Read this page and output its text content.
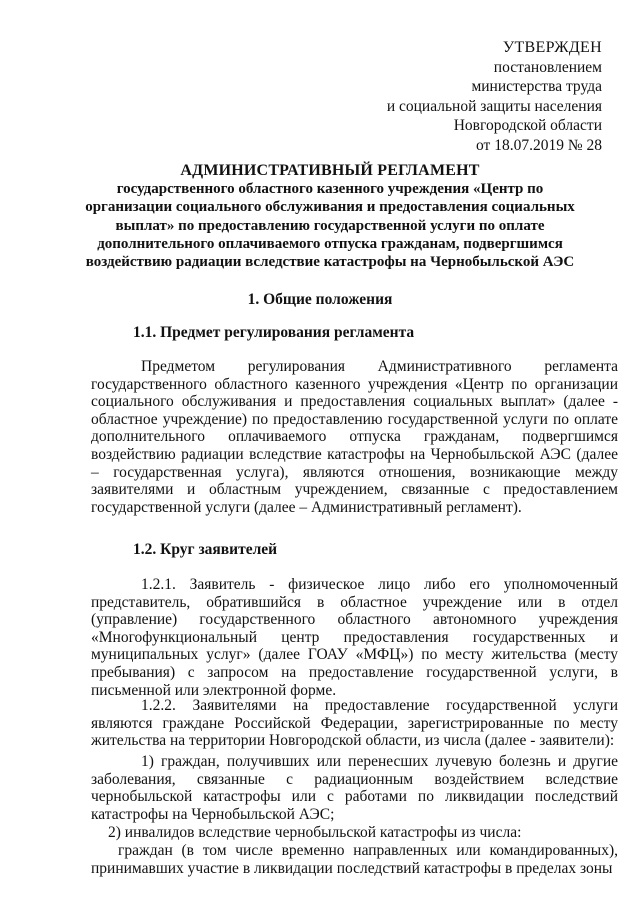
УТВЕРЖДЕН
постановлением
министерства труда
и социальной защиты населения
Новгородской области
от 18.07.2019 № 28
АДМИНИСТРАТИВНЫЙ РЕГЛАМЕНТ
государственного областного казенного учреждения «Центр по организации социального обслуживания и предоставления социальных выплат» по предоставлению государственной услуги по оплате дополнительного оплачиваемого отпуска гражданам, подвергшимся воздействию радиации вследствие катастрофы на Чернобыльской АЭС
1. Общие положения
1.1. Предмет регулирования регламента
Предметом регулирования Административного регламента государственного областного казенного учреждения «Центр по организации социального обслуживания и предоставления социальных выплат» (далее - областное учреждение) по предоставлению государственной услуги по оплате дополнительного оплачиваемого отпуска гражданам, подвергшимся воздействию радиации вследствие катастрофы на Чернобыльской АЭС (далее – государственная услуга), являются отношения, возникающие между заявителями и областным учреждением, связанные с предоставлением государственной услуги (далее – Административный регламент).
1.2. Круг заявителей
1.2.1. Заявитель - физическое лицо либо его уполномоченный представитель, обратившийся в областное учреждение или в отдел (управление) государственного областного автономного учреждения «Многофункциональный центр предоставления государственных и муниципальных услуг» (далее ГОАУ «МФЦ») по месту жительства (месту пребывания) с запросом на предоставление государственной услуги, в письменной или электронной форме.
1.2.2. Заявителями на предоставление государственной услуги являются граждане Российской Федерации, зарегистрированные по месту жительства на территории Новгородской области, из числа (далее - заявители):
1) граждан, получивших или перенесших лучевую болезнь и другие заболевания, связанные с радиационным воздействием вследствие чернобыльской катастрофы или с работами по ликвидации последствий катастрофы на Чернобыльской АЭС;
2) инвалидов вследствие чернобыльской катастрофы из числа:
граждан (в том числе временно направленных или командированных), принимавших участие в ликвидации последствий катастрофы в пределах зоны
